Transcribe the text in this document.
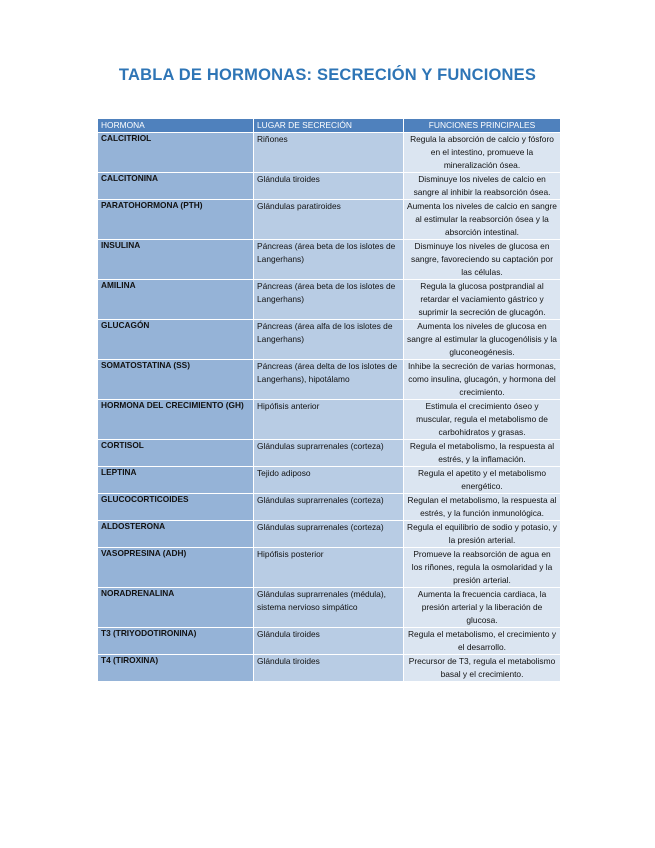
TABLA DE HORMONAS: SECRECIÓN Y FUNCIONES
HORMONA	LUGAR DE SECRECIÓN	FUNCIONES PRINCIPALES
CALCITRIOL	Riñones	Regula la absorción de calcio y fósforo en el intestino, promueve la mineralización ósea.
CALCITONINA	Glándula tiroides	Disminuye los niveles de calcio en sangre al inhibir la reabsorción ósea.
PARATOHORMONA (PTH)	Glándulas paratiroides	Aumenta los niveles de calcio en sangre al estimular la reabsorción ósea y la absorción intestinal.
INSULINA	Páncreas (área beta de los islotes de Langerhans)	Disminuye los niveles de glucosa en sangre, favoreciendo su captación por las células.
AMILINA	Páncreas (área beta de los islotes de Langerhans)	Regula la glucosa postprandial al retardar el vaciamiento gástrico y suprimir la secreción de glucagón.
GLUCAGÓN	Páncreas (área alfa de los islotes de Langerhans)	Aumenta los niveles de glucosa en sangre al estimular la glucogenólisis y la gluconeogénesis.
SOMATOSTATINA (SS)	Páncreas (área delta de los islotes de Langerhans), hipotálamo	Inhibe la secreción de varias hormonas, como insulina, glucagón, y hormona del crecimiento.
HORMONA DEL CRECIMIENTO (GH)	Hipófisis anterior	Estimula el crecimiento óseo y muscular, regula el metabolismo de carbohidratos y grasas.
CORTISOL	Glándulas suprarrenales (corteza)	Regula el metabolismo, la respuesta al estrés, y la inflamación.
LEPTINA	Tejido adiposo	Regula el apetito y el metabolismo energético.
GLUCOCORTICOIDES	Glándulas suprarrenales (corteza)	Regulan el metabolismo, la respuesta al estrés, y la función inmunológica.
ALDOSTERONA	Glándulas suprarrenales (corteza)	Regula el equilibrio de sodio y potasio, y la presión arterial.
VASOPRESINA (ADH)	Hipófisis posterior	Promueve la reabsorción de agua en los riñones, regula la osmolaridad y la presión arterial.
NORADRENALINA	Glándulas suprarrenales (médula), sistema nervioso simpático	Aumenta la frecuencia cardiaca, la presión arterial y la liberación de glucosa.
T3 (TRIYODOTIRONINA)	Glándula tiroides	Regula el metabolismo, el crecimiento y el desarrollo.
T4 (TIROXINA)	Glándula tiroides	Precursor de T3, regula el metabolismo basal y el crecimiento.
